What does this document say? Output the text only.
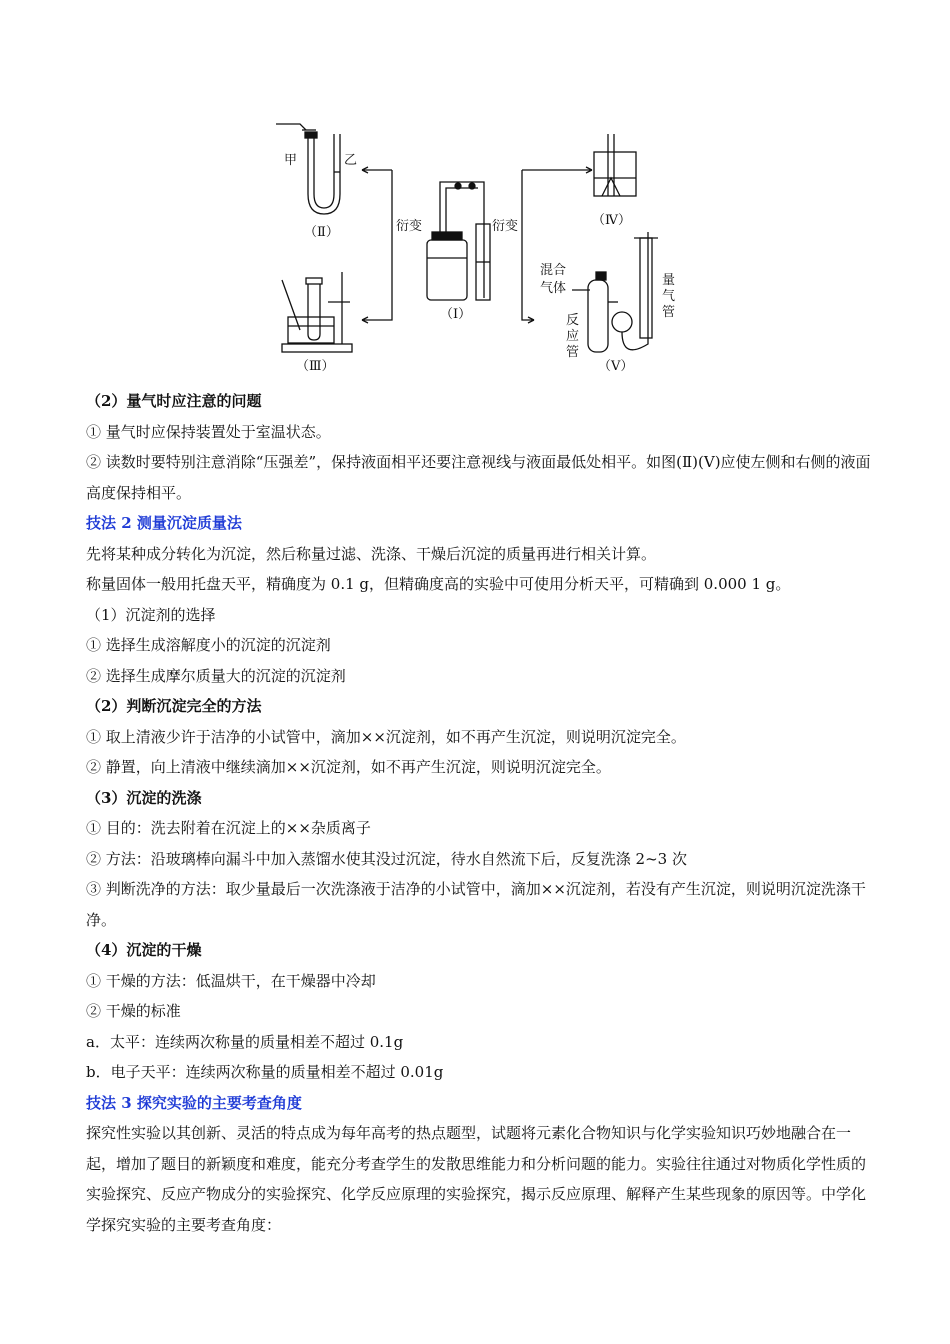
甲	乙
（Ⅱ）
（Ⅲ）
衍变	衍变
（Ⅰ）
（Ⅳ）
混合
气体
反
应
管
（Ⅴ）
量
气
管
（2）量气时应注意的问题
① 量气时应保持装置处于室温状态。
② 读数时要特别注意消除“压强差”，保持液面相平还要注意视线与液面最低处相平。如图(Ⅱ)(Ⅴ)应使左侧和右侧的液面高度保持相平。
技法 2 测量沉淀质量法
先将某种成分转化为沉淀，然后称量过滤、洗涤、干燥后沉淀的质量再进行相关计算。
称量固体一般用托盘天平，精确度为 0.1 g，但精确度高的实验中可使用分析天平，可精确到 0.000 1 g。
（1）沉淀剂的选择
① 选择生成溶解度小的沉淀的沉淀剂
② 选择生成摩尔质量大的沉淀的沉淀剂
（2）判断沉淀完全的方法
① 取上清液少许于洁净的小试管中，滴加××沉淀剂，如不再产生沉淀，则说明沉淀完全。
② 静置，向上清液中继续滴加××沉淀剂，如不再产生沉淀，则说明沉淀完全。
（3）沉淀的洗涤
① 目的：洗去附着在沉淀上的××杂质离子
② 方法：沿玻璃棒向漏斗中加入蒸馏水使其没过沉淀，待水自然流下后，反复洗涤 2~3 次
③ 判断洗净的方法：取少量最后一次洗涤液于洁净的小试管中，滴加××沉淀剂，若没有产生沉淀，则说明沉淀洗涤干净。
（4）沉淀的干燥
① 干燥的方法：低温烘干，在干燥器中冷却
② 干燥的标准
a．太平：连续两次称量的质量相差不超过 0.1g
b．电子天平：连续两次称量的质量相差不超过 0.01g
技法 3 探究实验的主要考查角度
探究性实验以其创新、灵活的特点成为每年高考的热点题型，试题将元素化合物知识与化学实验知识巧妙地融合在一起，增加了题目的新颖度和难度，能充分考查学生的发散思维能力和分析问题的能力。实验往往通过对物质化学性质的实验探究、反应产物成分的实验探究、化学反应原理的实验探究，揭示反应原理、解释产生某些现象的原因等。中学化学探究实验的主要考查角度：
